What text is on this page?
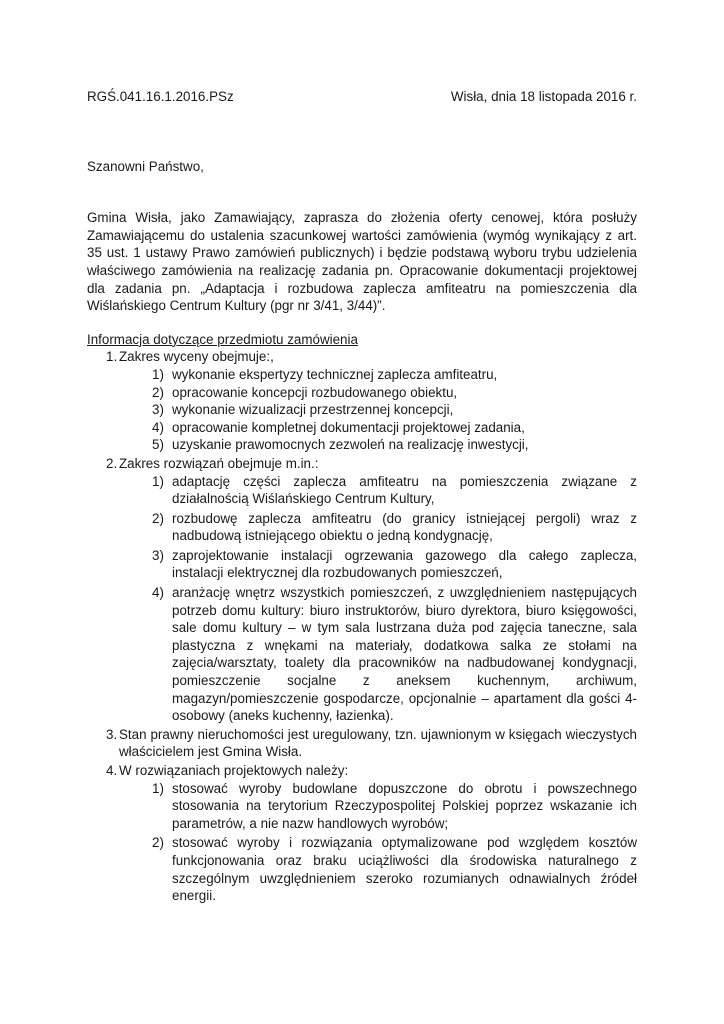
RGŚ.041.16.1.2016.PSz	Wisła, dnia 18 listopada 2016 r.
Szanowni Państwo,
Gmina Wisła, jako Zamawiający, zaprasza do złożenia oferty cenowej, która posłuży Zamawiającemu do ustalenia szacunkowej wartości zamówienia (wymóg wynikający z art. 35 ust. 1 ustawy Prawo zamówień publicznych) i będzie podstawą wyboru trybu udzielenia właściwego zamówienia na realizację zadania pn. Opracowanie dokumentacji projektowej dla zadania pn. „Adaptacja i rozbudowa zaplecza amfiteatru na pomieszczenia dla Wiślańskiego Centrum Kultury (pgr nr 3/41, 3/44)”.
Informacja dotyczące przedmiotu zamówienia
1. Zakres wyceny obejmuje:,
1) wykonanie ekspertyzy technicznej zaplecza amfiteatru,
2) opracowanie koncepcji rozbudowanego obiektu,
3) wykonanie wizualizacji przestrzennej koncepcji,
4) opracowanie kompletnej dokumentacji projektowej zadania,
5) uzyskanie prawomocnych zezwoleń na realizację inwestycji,
2. Zakres rozwiązań obejmuje m.in.:
1) adaptację części zaplecza amfiteatru na pomieszczenia związane z działalnością Wiślańskiego Centrum Kultury,
2) rozbudowę zaplecza amfiteatru (do granicy istniejącej pergoli) wraz z nadbudową istniejącego obiektu o jedną kondygnację,
3) zaprojektowanie instalacji ogrzewania gazowego dla całego zaplecza, instalacji elektrycznej dla rozbudowanych pomieszczeń,
4) aranżację wnętrz wszystkich pomieszczeń, z uwzględnieniem następujących potrzeb domu kultury: biuro instruktorów, biuro dyrektora, biuro księgowości, sale domu kultury – w tym sala lustrzana duża pod zajęcia taneczne, sala plastyczna z wnękami na materiały, dodatkowa salka ze stołami na zajęcia/warsztaty, toalety dla pracowników na nadbudowanej kondygnacji, pomieszczenie socjalne z aneksem kuchennym, archiwum, magazyn/pomieszczenie gospodarcze, opcjonalnie – apartament dla gości 4-osobowy (aneks kuchenny, łazienka).
3. Stan prawny nieruchomości jest uregulowany, tzn. ujawnionym w księgach wieczystych właścicielem jest Gmina Wisła.
4. W rozwiązaniach projektowych należy:
1) stosować wyroby budowlane dopuszczone do obrotu i powszechnego stosowania na terytorium Rzeczypospolitej Polskiej poprzez wskazanie ich parametrów, a nie nazw handlowych wyrobów;
2) stosować wyroby i rozwiązania optymalizowane pod względem kosztów funkcjonowania oraz braku uciążliwości dla środowiska naturalnego z szczególnym uwzględnieniem szeroko rozumianych odnawialnych źródeł energii.
